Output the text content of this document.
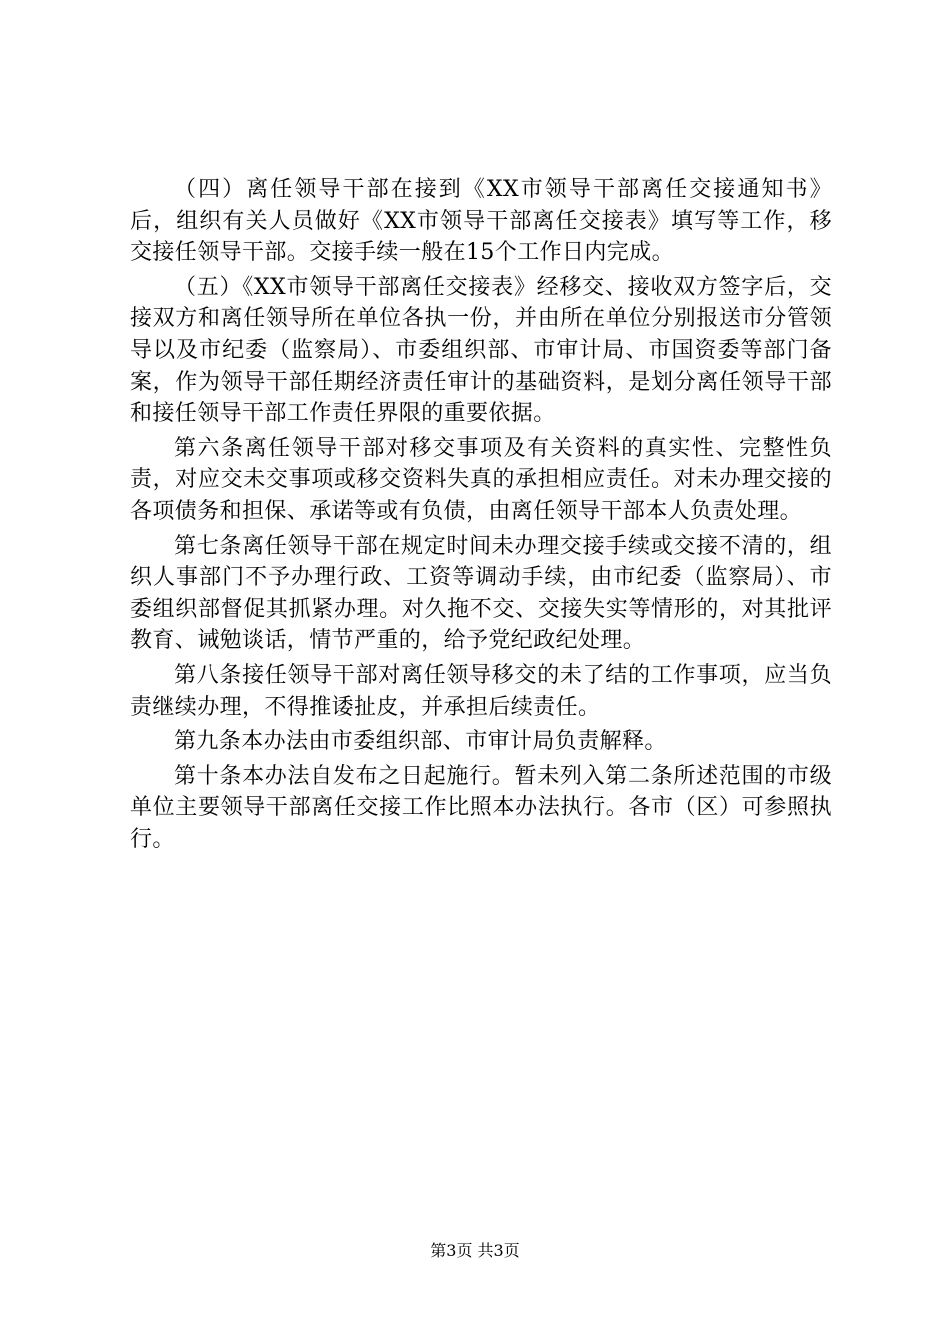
（四）离任领导干部在接到《XX市领导干部离任交接通知书》后，组织有关人员做好《XX市领导干部离任交接表》填写等工作，移交接任领导干部。交接手续一般在15个工作日内完成。

（五）《XX市领导干部离任交接表》经移交、接收双方签字后，交接双方和离任领导所在单位各执一份，并由所在单位分别报送市分管领导以及市纪委（监察局）、市委组织部、市审计局、市国资委等部门备案，作为领导干部任期经济责任审计的基础资料，是划分离任领导干部和接任领导干部工作责任界限的重要依据。

第六条离任领导干部对移交事项及有关资料的真实性、完整性负责，对应交未交事项或移交资料失真的承担相应责任。对未办理交接的各项债务和担保、承诺等或有负债，由离任领导干部本人负责处理。

第七条离任领导干部在规定时间未办理交接手续或交接不清的，组织人事部门不予办理行政、工资等调动手续，由市纪委（监察局）、市委组织部督促其抓紧办理。对久拖不交、交接失实等情形的，对其批评教育、诫勉谈话，情节严重的，给予党纪政纪处理。

第八条接任领导干部对离任领导移交的未了结的工作事项，应当负责继续办理，不得推诿扯皮，并承担后续责任。

第九条本办法由市委组织部、市审计局负责解释。

第十条本办法自发布之日起施行。暂未列入第二条所述范围的市级单位主要领导干部离任交接工作比照本办法执行。各市（区）可参照执行。

第3页 共3页
